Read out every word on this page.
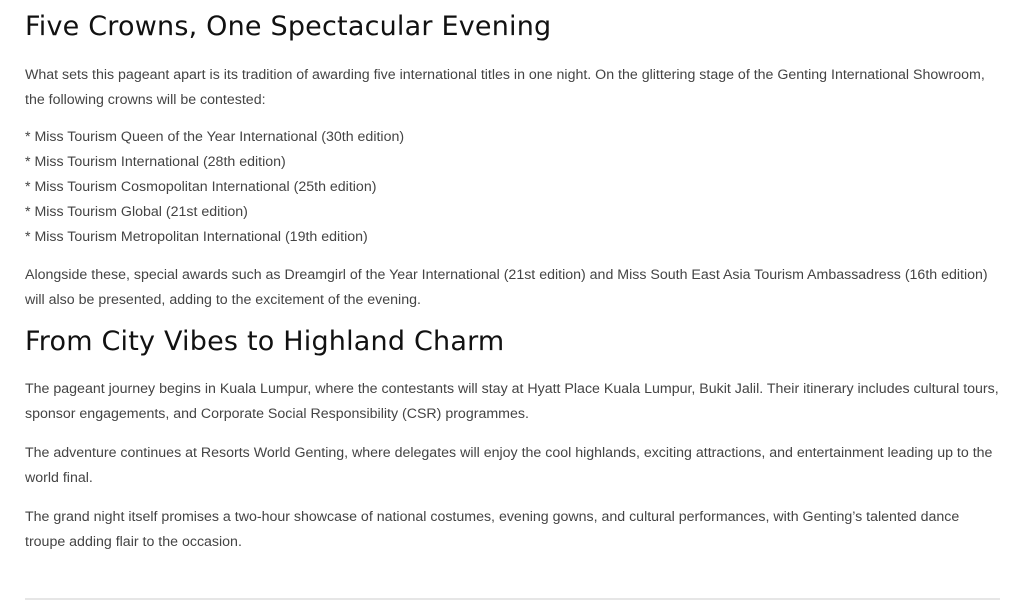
Five Crowns, One Spectacular Evening

What sets this pageant apart is its tradition of awarding five international titles in one night. On the glittering stage of the Genting International Showroom, the following crowns will be contested:

* Miss Tourism Queen of the Year International (30th edition)

* Miss Tourism International (28th edition)

* Miss Tourism Cosmopolitan International (25th edition)

* Miss Tourism Global (21st edition)

* Miss Tourism Metropolitan International (19th edition)

Alongside these, special awards such as Dreamgirl of the Year International (21st edition) and Miss South East Asia Tourism Ambassadress (16th edition) will also be presented, adding to the excitement of the evening.

From City Vibes to Highland Charm

The pageant journey begins in Kuala Lumpur, where the contestants will stay at Hyatt Place Kuala Lumpur, Bukit Jalil. Their itinerary includes cultural tours, sponsor engagements, and Corporate Social Responsibility (CSR) programmes.

The adventure continues at Resorts World Genting, where delegates will enjoy the cool highlands, exciting attractions, and entertainment leading up to the world final.

The grand night itself promises a two-hour showcase of national costumes, evening gowns, and cultural performances, with Genting’s talented dance troupe adding flair to the occasion.
